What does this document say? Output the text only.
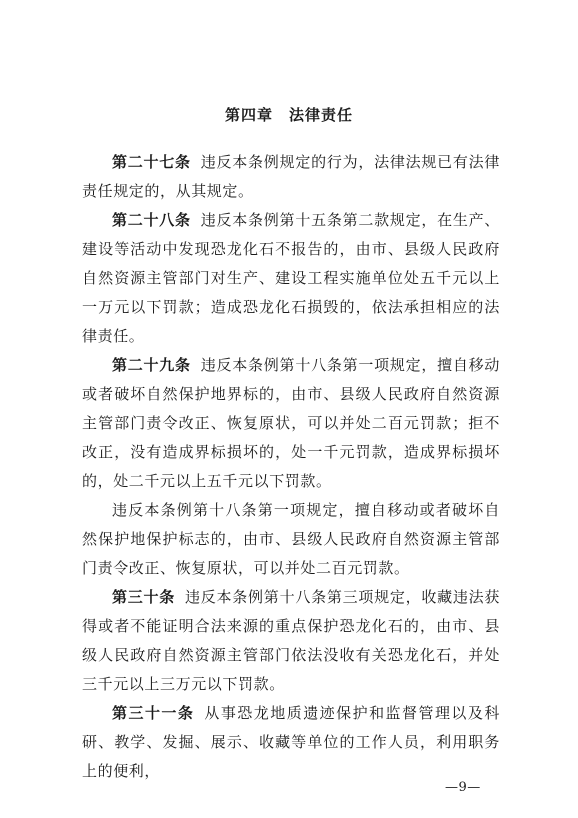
第四章　法律责任

第二十七条 违反本条例规定的行为，法律法规已有法律责任规定的，从其规定。

第二十八条 违反本条例第十五条第二款规定，在生产、建设等活动中发现恐龙化石不报告的，由市、县级人民政府自然资源主管部门对生产、建设工程实施单位处五千元以上一万元以下罚款；造成恐龙化石损毁的，依法承担相应的法律责任。

第二十九条 违反本条例第十八条第一项规定，擅自移动或者破坏自然保护地界标的，由市、县级人民政府自然资源主管部门责令改正、恢复原状，可以并处二百元罚款；拒不改正，没有造成界标损坏的，处一千元罚款，造成界标损坏的，处二千元以上五千元以下罚款。

违反本条例第十八条第一项规定，擅自移动或者破坏自然保护地保护标志的，由市、县级人民政府自然资源主管部门责令改正、恢复原状，可以并处二百元罚款。

第三十条 违反本条例第十八条第三项规定，收藏违法获得或者不能证明合法来源的重点保护恐龙化石的，由市、县级人民政府自然资源主管部门依法没收有关恐龙化石，并处三千元以上三万元以下罚款。

第三十一条 从事恐龙地质遗迹保护和监督管理以及科研、教学、发掘、展示、收藏等单位的工作人员，利用职务上的便利，

—9—
